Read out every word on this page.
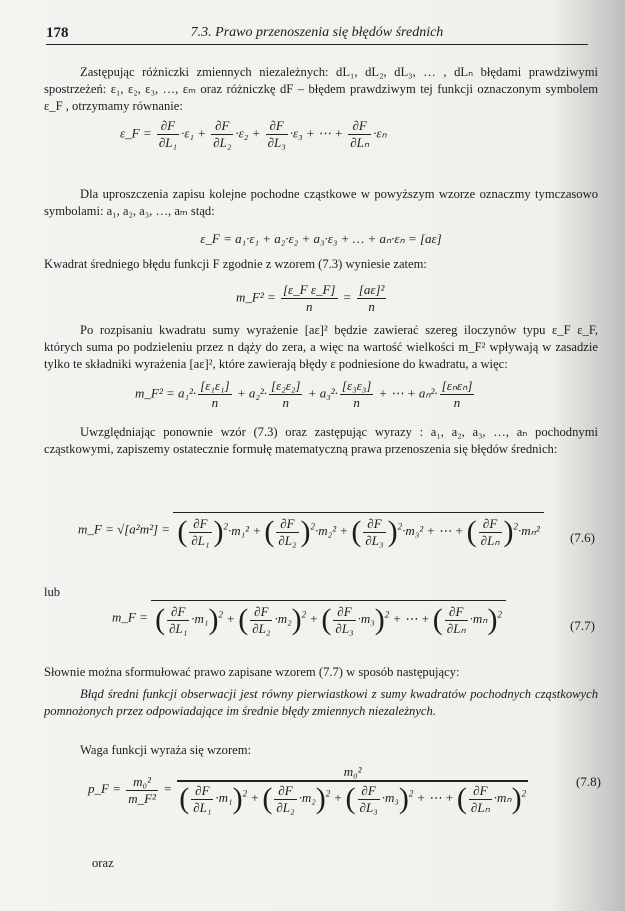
178	7.3. Prawo przenoszenia się błędów średnich

Zastępując różniczki zmiennych niezależnych: dL₁, dL₂, dL₃, … , dLₙ błędami prawdziwymi spostrzeżeń: ε₁, ε₂, ε₃, …, εₘ oraz różniczkę dF – błędem prawdziwym tej funkcji oznaczonym symbolem ε_F , otrzymamy równanie:

ε_F = $\frac{\partial F}{\text{∂L₁}} \cdot\varepsilon_1 + \frac{\partial F}{\text{∂L₂}} \cdot\varepsilon_2 + \frac{\partial F}{\text{∂L₃}} \cdot\varepsilon_3$ + ⋯ + $\frac{\partial F}{\text{∂Lₙ}} \cdot\varepsilon_n$

Dla uproszczenia zapisu kolejne pochodne cząstkowe w powyższym wzorze oznaczmy tymczasowo symbolami: a₁, a₂, a₃, …, aₘ stąd:

ε_F = a₁·ε₁ + a₂·ε₂ + a₃·ε₃ + … + aₙ·εₙ = [aε]

Kwadrat średniego błędu funkcji F zgodnie z wzorem (7.3) wyniesie zatem:

m_F² = $\frac{\text{[ε\_F ε\_F]}}{n} = \frac{\text{[aε]²}}{n}$

Po rozpisaniu kwadratu sumy wyrażenie [aε]² będzie zawierać szereg iloczynów typu ε_F ε_F, których suma po podzieleniu przez n dąży do zera, a więc na wartość wielkości m_F² wpływają w zasadzie tylko te składniki wyrażenia [aε]², które zawierają błędy ε podniesione do kwadratu, a więc:

m_F² = $a_1^2\cdot \frac{\text{[ε₁ε₁]}}{n} + a_2^2\cdot \frac{\text{[ε₂ε₂]}}{n} + a_3^2\cdot \frac{\text{[ε₃ε₃]}}{n}$ + ⋯ + $a_n^2\cdot \frac{\text{[εₙεₙ]}}{n}$

Uwzględniając ponownie wzór (7.3) oraz zastępując wyrazy : a₁, a₂, a₃, …, aₙ pochodnymi cząstkowymi, zapiszemy ostatecznie formułę matematyczną prawa przenoszenia się błędów średnich:

m_F = √[a²m²] = ( $\frac{\partial F}{\text{∂L₁}} )^2\cdot m_1^2$ + ( $\frac{\partial F}{\text{∂L₂}} )^2\cdot m_2^2$ + ( $\frac{\partial F}{\text{∂L₃}} )^2\cdot m_3^2$ + ⋯ + ( $\frac{\partial F}{\text{∂Lₙ}} )^2\cdot m_n^2$ (7.6)
lub
m_F = ( $\frac{\partial F}{\text{∂L₁}} \cdot m_1)^2$ + ( $\frac{\partial F}{\text{∂L₂}} \cdot m_2)^2$ + ( $\frac{\partial F}{\text{∂L₃}} \cdot m_3)^2$ + ⋯ + ( $\frac{\partial F}{\text{∂Lₙ}} \cdot m_n)^2$
(7.7)

Słownie można sformułować prawo zapisane wzorem (7.7) w sposób następujący:

Błąd średni funkcji obserwacji jest równy pierwiastkowi z sumy kwadratów pochodnych cząstkowych pomnożonych przez odpowiadające im średnie błędy zmiennych niezależnych.

Waga funkcji wyraża się wzorem:

p_F = $\frac{\text{m₀²}}{\text{m\_F²}}$ =
m₀²
( $\frac{\partial F}{\text{∂L₁}} \cdot m_1)^2$ + ( $\frac{\partial F}{\text{∂L₂}} \cdot m_2)^2$ + ( $\frac{\partial F}{\text{∂L₃}} \cdot m_3)^2$ + ⋯ + ( $\frac{\partial F}{\text{∂Lₙ}} \cdot m_n)^2$
(7.8)
oraz
